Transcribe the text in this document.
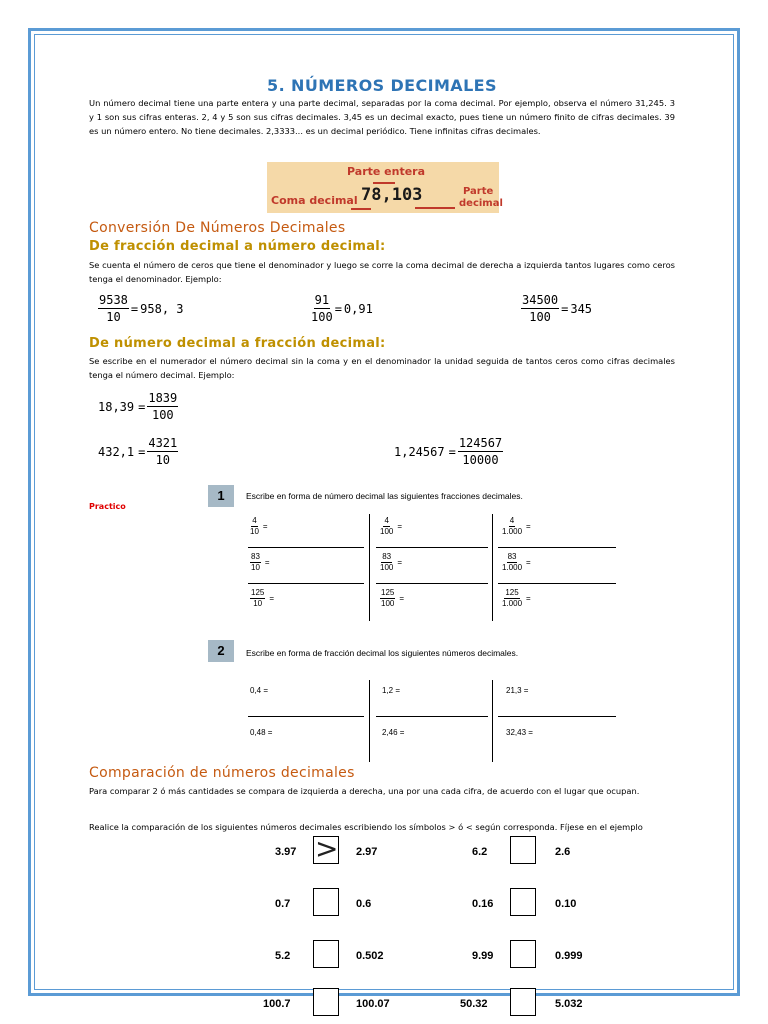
5. NÚMEROS DECIMALES
Un número decimal tiene una parte entera y una parte decimal, separadas por la coma decimal. Por ejemplo, observa el número 31,245. 3 y 1 son sus cifras enteras. 2, 4 y 5 son sus cifras decimales. 3,45 es un decimal exacto, pues tiene un número finito de cifras decimales. 39 es un número entero. No tiene decimales. 2,3333... es un decimal periódico. Tiene infinitas cifras decimales.
Parte entera
Coma decimal 78,103	Parte
decimal
Conversión De Números Decimales
De fracción decimal a número decimal:
Se cuenta el número de ceros que tiene el denominador y luego se corre la coma decimal de derecha a izquierda tantos lugares como ceros tenga el denominador. Ejemplo:
$\frac{9538}{10} = 958$, 3	$\frac{91}{100} = 0,91$	$\frac{34500}{100} = 345$
De número decimal a fracción decimal:
Se escribe en el numerador el número decimal sin la coma y en el denominador la unidad seguida de tantos ceros como cifras decimales tenga el número decimal. Ejemplo:
$18,39 = \frac{1839}{100}$
$432,1 = \frac{4321}{10}$	$1,24567 = \frac{124567}{10000}$
Practico
1	Escribe en forma de número decimal las siguientes fracciones decimales.
$\frac{4}{10}$ =	$\frac{4}{100}$ =	$\frac{4}{1.000}$ =
$\frac{83}{10}$ =	$\frac{83}{100}$ =	$\frac{83}{1.000}$ =
$\frac{125}{10}$ =	$\frac{125}{100}$ =	$\frac{125}{1.000}$ =
2	Escribe en forma de fracción decimal los siguientes números decimales.
0,4 =	1,2 =	21,3 =
0,48 =	2,46 =	32,43 =
Comparación de números decimales
Para comparar 2 ó más cantidades se compara de izquierda a derecha, una por una cada cifra, de acuerdo con el lugar que ocupan.
Realice la comparación de los siguientes números decimales escribiendo los símbolos > ó < según corresponda. Fíjese en el ejemplo
3.97 > 2.97	6.2	2.6
0.7	0.6	0.16	0.10
5.2	0.502	9.99	0.999
100.7	100.07	50.32	5.032
